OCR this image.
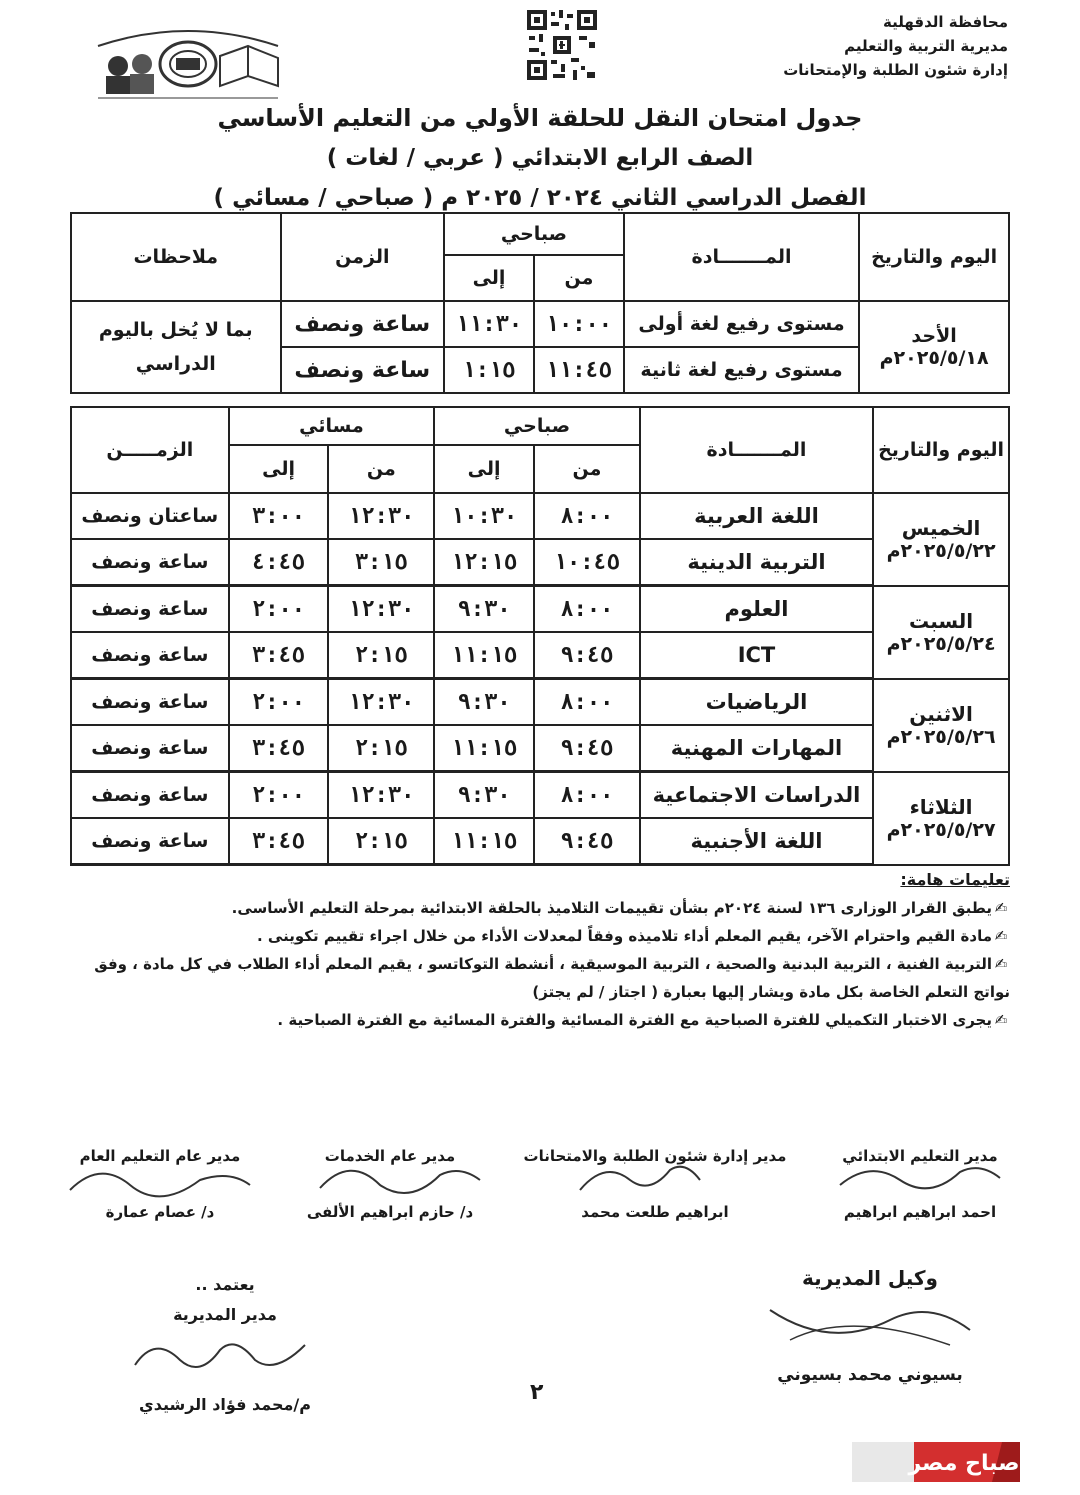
محافظة الدقهلية
مديرية التربية والتعليم
إدارة شئون الطلبة والإمتحانات
جدول امتحان النقل للحلقة الأولي من التعليم الأساسي
الصف الرابع الابتدائي ( عربي / لغات )
الفصل الدراسي الثاني ٢٠٢٤ / ٢٠٢٥ م ( صباحي / مسائي )
اليوم والتاريخ	المـــــــادة	صباحي		الزمن	ملاحظات
		من	إلى		

الأحد
٢٠٢٥/٥/١٨م	مستوى رفيع لغة أولى	١٠:٠٠	١١:٣٠	ساعة ونصف	بما لا يُخل باليوم الدراسي
	مستوى رفيع لغة ثانية	١١:٤٥	١:١٥	ساعة ونصف	
اليوم والتاريخ	المـــــــادة	صباحي		مسائي		الزمـــــن
		من	إلى	من	إلى	

الخميس
٢٠٢٥/٥/٢٢م	اللغة العربية	٨:٠٠	١٠:٣٠	١٢:٣٠	٣:٠٠	ساعتان ونصف
	التربية الدينية	١٠:٤٥	١٢:١٥	٣:١٥	٤:٤٥	ساعة ونصف

السبت
٢٠٢٥/٥/٢٤م	العلوم	٨:٠٠	٩:٣٠	١٢:٣٠	٢:٠٠	ساعة ونصف
	ICT	٩:٤٥	١١:١٥	٢:١٥	٣:٤٥	ساعة ونصف

الاثنين
٢٠٢٥/٥/٢٦م	الرياضيات	٨:٠٠	٩:٣٠	١٢:٣٠	٢:٠٠	ساعة ونصف
	المهارات المهنية	٩:٤٥	١١:١٥	٢:١٥	٣:٤٥	ساعة ونصف

الثلاثاء
٢٠٢٥/٥/٢٧م	الدراسات الاجتماعية	٨:٠٠	٩:٣٠	١٢:٣٠	٢:٠٠	ساعة ونصف
	اللغة الأجنبية	٩:٤٥	١١:١٥	٢:١٥	٣:٤٥	ساعة ونصف

تعليمات هامة:

✍يطبق القرار الوزارى ١٣٦ لسنة ٢٠٢٤م بشأن تقييمات التلاميذ بالحلقة الابتدائية بمرحلة التعليم الأساسى.

✍مادة القيم واحترام الآخر، يقيم المعلم أداء تلاميذه وفقاً لمعدلات الأداء من خلال اجراء تقييم تكوينى .

✍التربية الفنية ، التربية البدنية والصحية ، التربية الموسيقية ، أنشطة التوكاتسو ، يقيم المعلم أداء الطلاب في كل مادة ، وفق نواتج التعلم الخاصة بكل مادة ويشار إليها بعبارة ( اجتاز / لم يجتز)

✍يجرى الاختبار التكميلي للفترة الصباحية مع الفترة المسائية والفترة المسائية مع الفترة الصباحية .

مدير التعليم الابتدائي
احمد ابراهيم ابراهيم
مدير إدارة شئون الطلبة والامتحانات
ابراهيم طلعت محمد
مدير عام الخدمات
د/ حازم ابراهيم الألفى
مدير عام التعليم العام
د/ عصام عمارة
يعتمد ..
مدير المديرية
م/محمد فؤاد الرشيدي
وكيل المديرية
بسيوني محمد بسيوني
٢
صباح مصر
